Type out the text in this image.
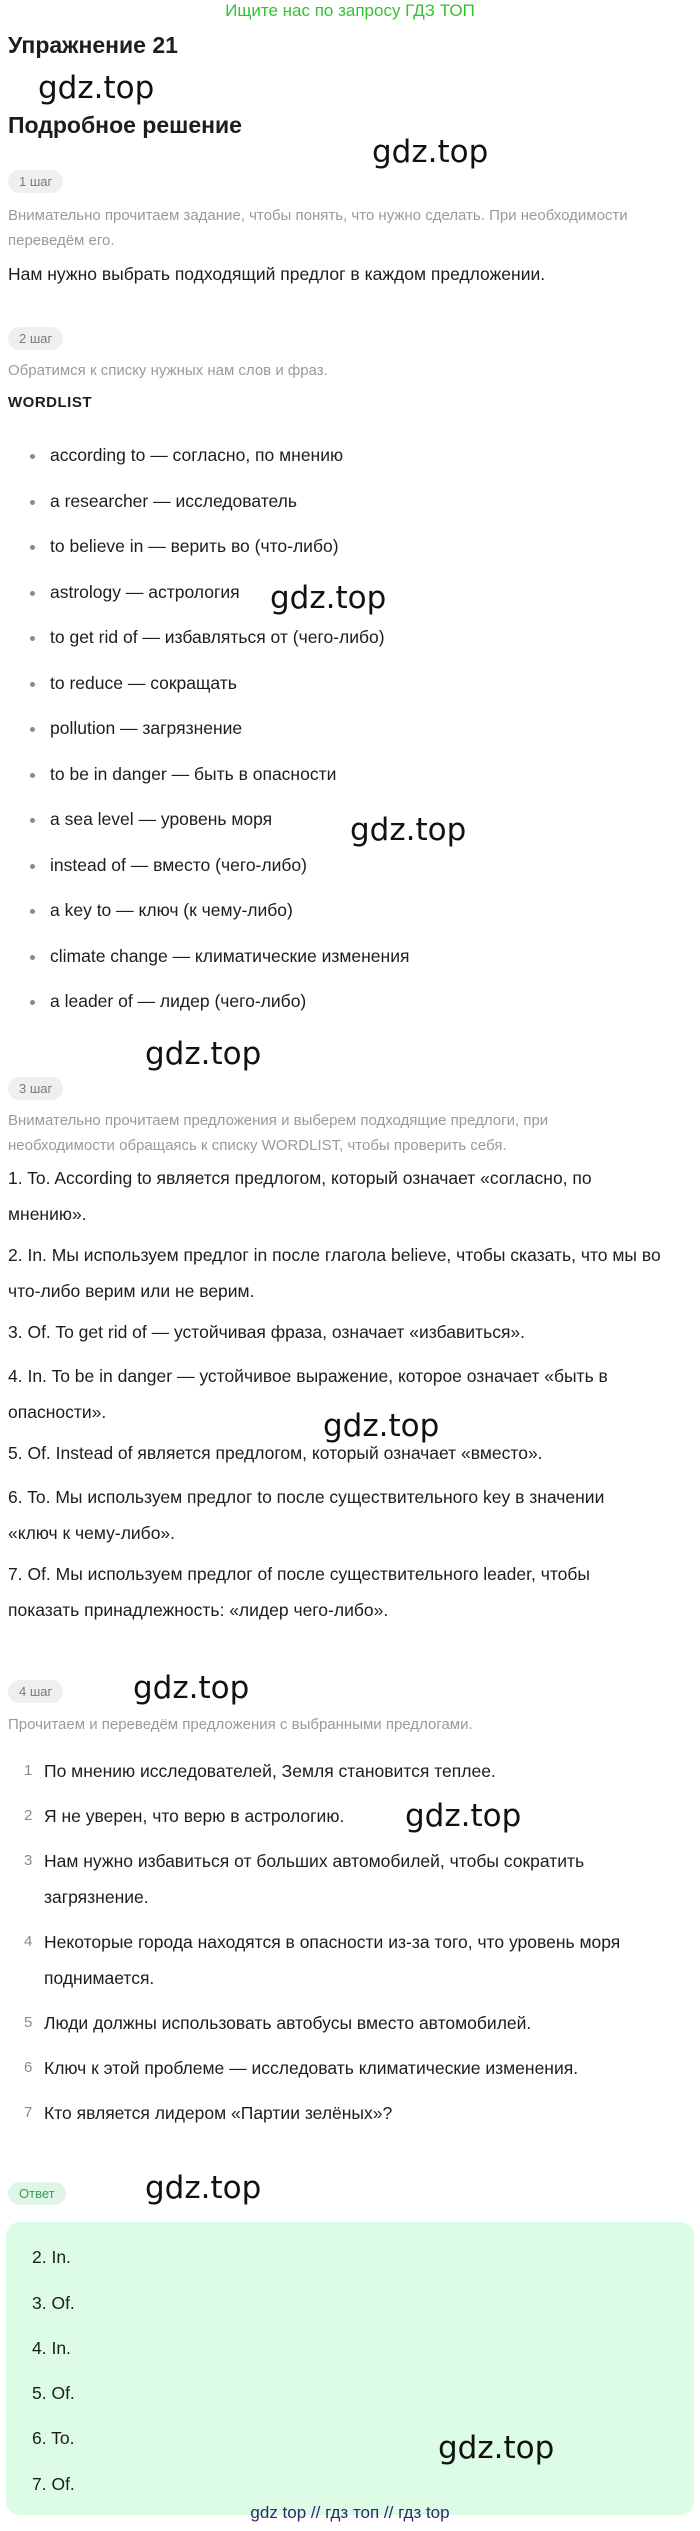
Ищите нас по запросу ГДЗ ТОП
Упражнение 21
gdz.top
Подробное решение
gdz.top
1 шаг
Внимательно прочитаем задание, чтобы понять, что нужно сделать. При необходимости переведём его.
Нам нужно выбрать подходящий предлог в каждом предложении.
2 шаг
Обратимся к списку нужных нам слов и фраз.
WORDLIST
according to — согласно, по мнению
a researcher — исследователь
to believe in — верить во (что-либо)
astrology — астрология
to get rid of — избавляться от (чего-либо)
to reduce — сокращать
pollution — загрязнение
to be in danger — быть в опасности
a sea level — уровень моря
instead of — вместо (чего-либо)
a key to — ключ (к чему-либо)
climate change — климатические изменения
a leader of — лидер (чего-либо)
gdz.top
gdz.top
gdz.top
3 шаг
Внимательно прочитаем предложения и выберем подходящие предлоги, при необходимости обращаясь к списку WORDLIST, чтобы проверить себя.
1. To. According to является предлогом, который означает «согласно, по
мнению».
2. In. Мы используем предлог in после глагола believe, чтобы сказать, что мы во
что-либо верим или не верим.
3. Of. To get rid of — устойчивая фраза, означает «избавиться».
4. In. To be in danger — устойчивое выражение, которое означает «быть в
опасности».
5. Of. Instead of является предлогом, который означает «вместо».
6. To. Мы используем предлог to после существительного key в значении
«ключ к чему-либо».
7. Of. Мы используем предлог of после существительного leader, чтобы
показать принадлежность: «лидер чего-либо».
gdz.top
4 шаг	gdz.top
Прочитаем и переведём предложения с выбранными предлогами.
1 По мнению исследователей, Земля становится теплее.
2 Я не уверен, что верю в астрологию.
3 Нам нужно избавиться от больших автомобилей, чтобы сократить
загрязнение.
4 Некоторые города находятся в опасности из-за того, что уровень моря
поднимается.
5 Люди должны использовать автобусы вместо автомобилей.
6 Ключ к этой проблеме — исследовать климатические изменения.
7 Кто является лидером «Партии зелёных»?
gdz.top
Ответ	gdz.top
2. In.
3. Of.
4. In.
5. Of.
6. To.
7. Of.
gdz.top
gdz top // гдз топ // гдз top
